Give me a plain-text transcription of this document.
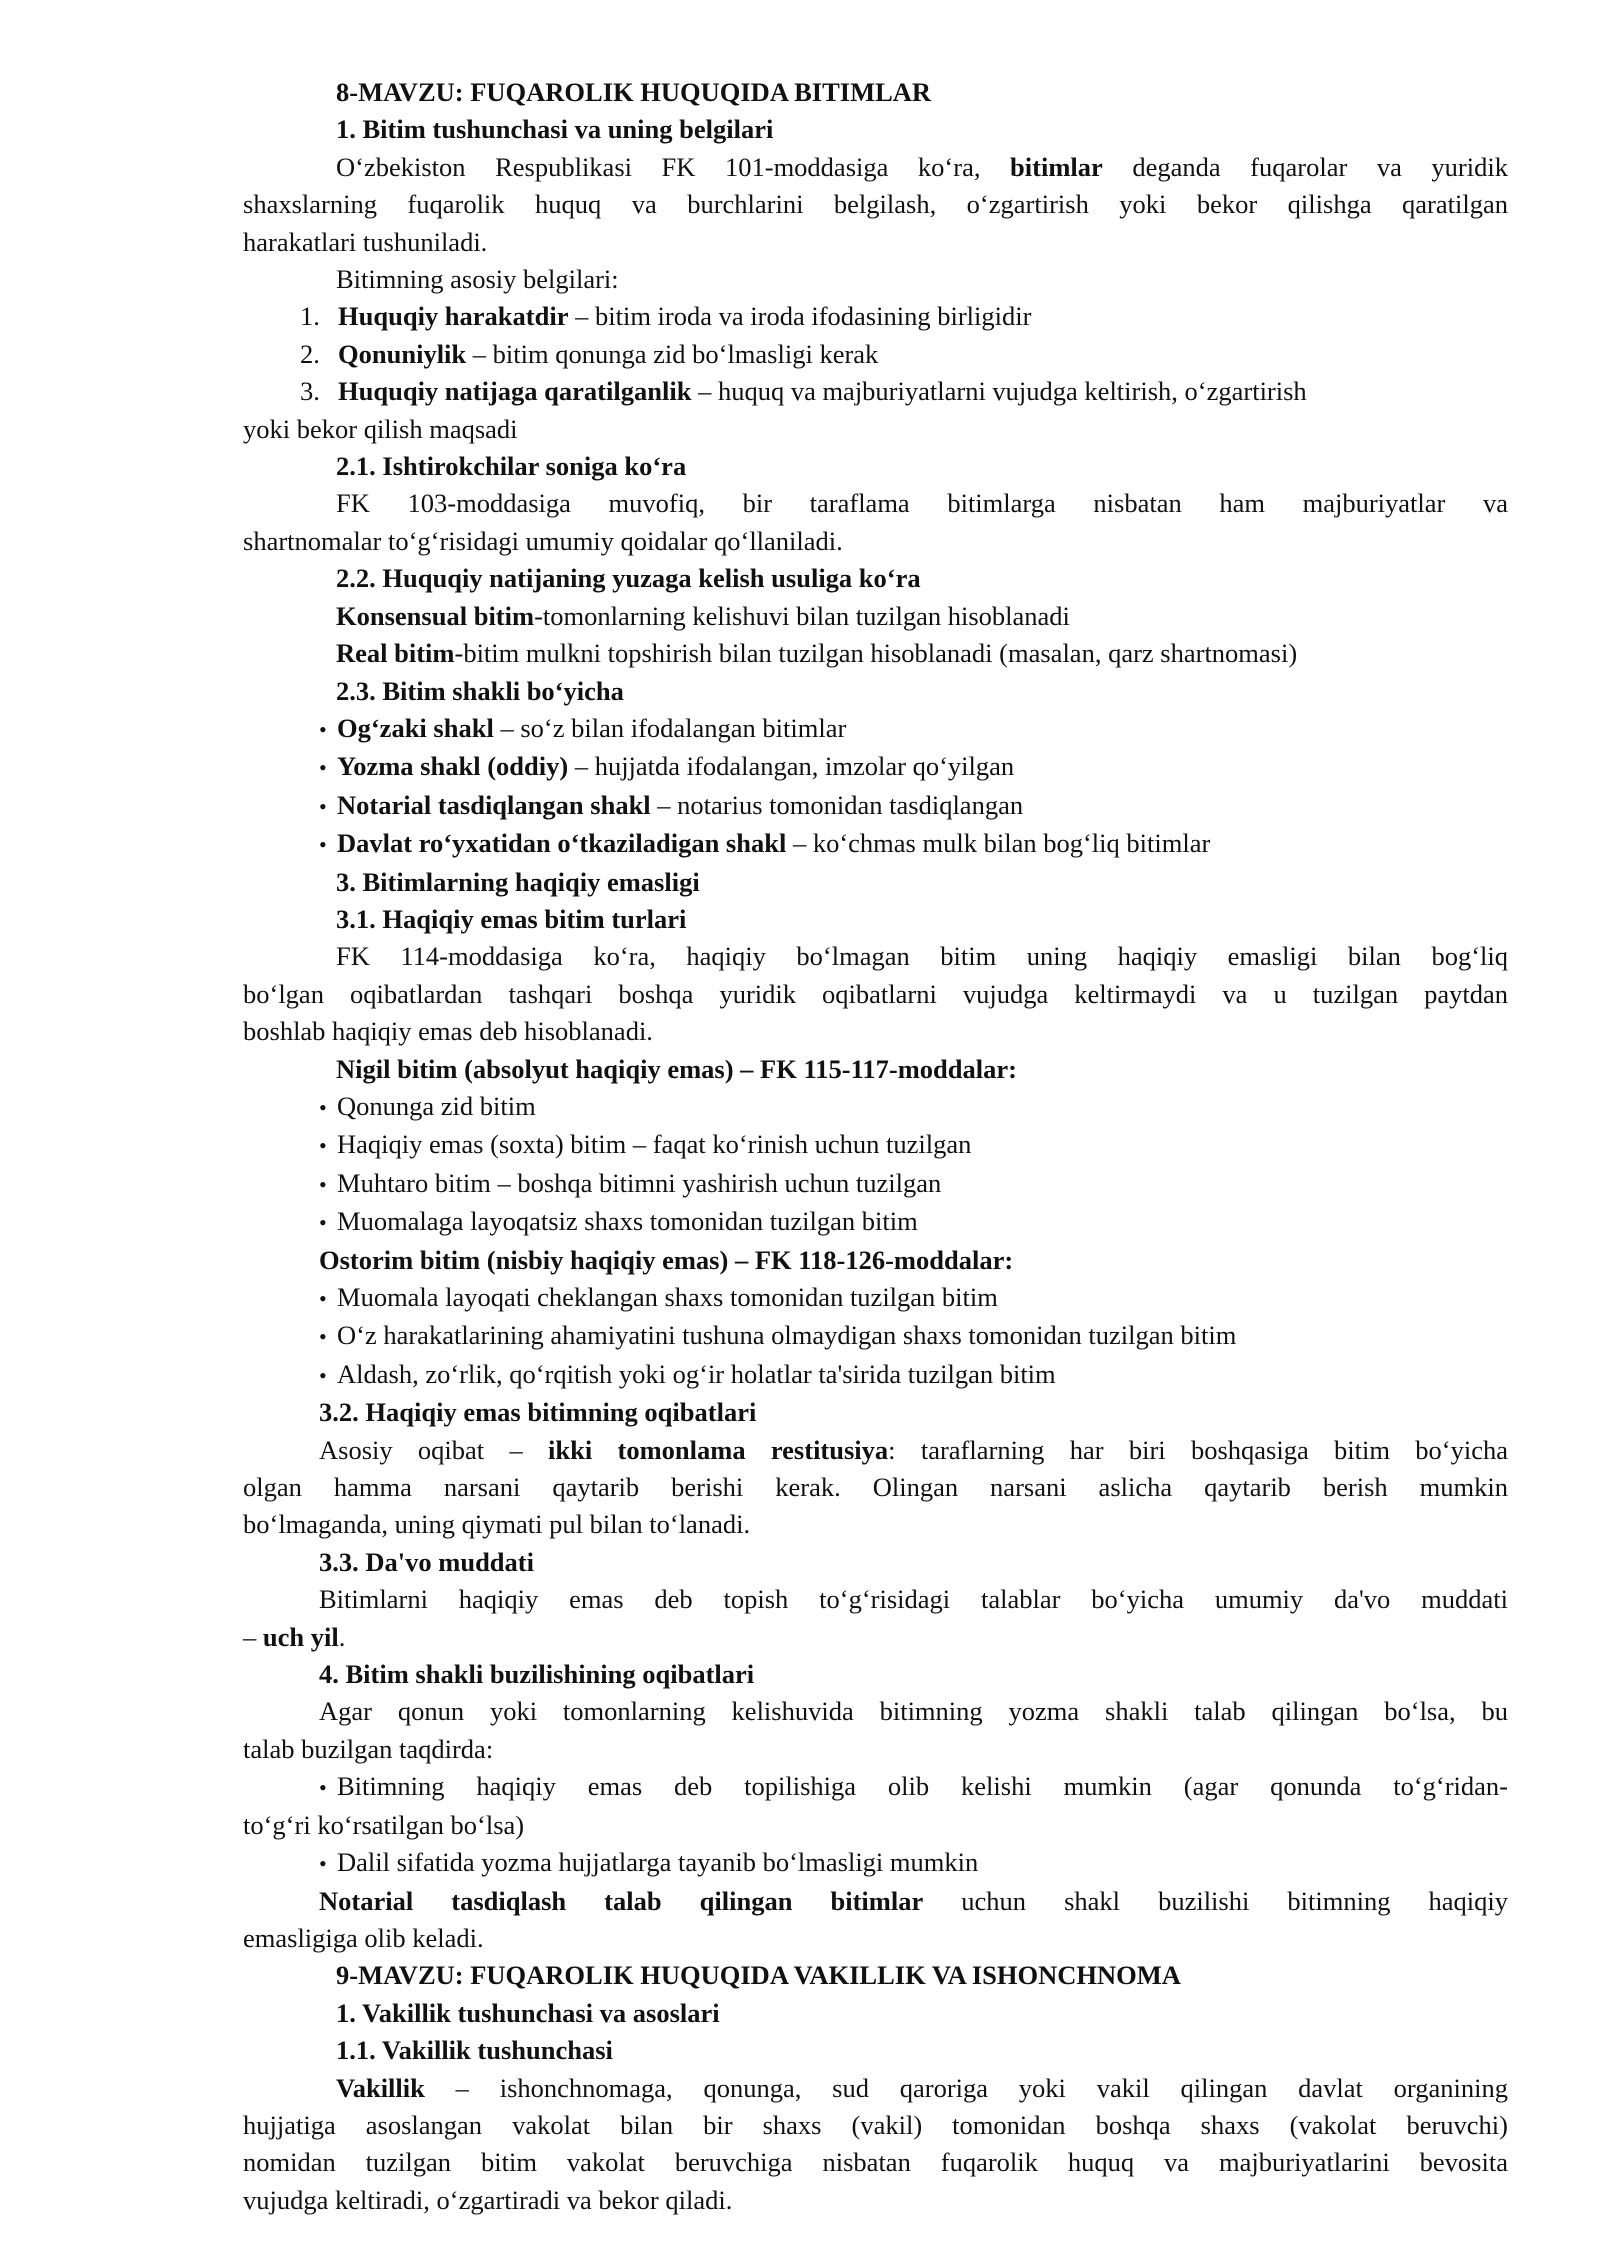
8-MAVZU: FUQAROLIK HUQUQIDA BITIMLAR
1. Bitim tushunchasi va uning belgilari
O‘zbekiston Respublikasi FK 101-moddasiga ko‘ra, bitimlar deganda fuqarolar va yuridik
shaxslarning fuqarolik huquq va burchlarini belgilash, o‘zgartirish yoki bekor qilishga qaratilgan
harakatlari tushuniladi.
Bitimning asosiy belgilari:
1. Huquqiy harakatdir – bitim iroda va iroda ifodasining birligidir
2. Qonuniylik – bitim qonunga zid bo‘lmasligi kerak
3. Huquqiy natijaga qaratilganlik – huquq va majburiyatlarni vujudga keltirish, o‘zgartirish
yoki bekor qilish maqsadi
2.1. Ishtirokchilar soniga ko‘ra
FK 103-moddasiga muvofiq, bir taraflama bitimlarga nisbatan ham majburiyatlar va
shartnomalar to‘g‘risidagi umumiy qoidalar qo‘llaniladi.
2.2. Huquqiy natijaning yuzaga kelish usuliga ko‘ra
Konsensual bitim-tomonlarning kelishuvi bilan tuzilgan hisoblanadi
Real bitim-bitim mulkni topshirish bilan tuzilgan hisoblanadi (masalan, qarz shartnomasi)
2.3. Bitim shakli bo‘yicha
• Og‘zaki shakl – so‘z bilan ifodalangan bitimlar
• Yozma shakl (oddiy) – hujjatda ifodalangan, imzolar qo‘yilgan
• Notarial tasdiqlangan shakl – notarius tomonidan tasdiqlangan
• Davlat ro‘yxatidan o‘tkaziladigan shakl – ko‘chmas mulk bilan bog‘liq bitimlar
3. Bitimlarning haqiqiy emasligi
3.1. Haqiqiy emas bitim turlari
FK 114-moddasiga ko‘ra, haqiqiy bo‘lmagan bitim uning haqiqiy emasligi bilan bog‘liq
bo‘lgan oqibatlardan tashqari boshqa yuridik oqibatlarni vujudga keltirmaydi va u tuzilgan paytdan
boshlab haqiqiy emas deb hisoblanadi.
Nigil bitim (absolyut haqiqiy emas) – FK 115-117-moddalar:
• Qonunga zid bitim
• Haqiqiy emas (soxta) bitim – faqat ko‘rinish uchun tuzilgan
• Muhtaro bitim – boshqa bitimni yashirish uchun tuzilgan
• Muomalaga layoqatsiz shaxs tomonidan tuzilgan bitim
Ostorim bitim (nisbiy haqiqiy emas) – FK 118-126-moddalar:
• Muomala layoqati cheklangan shaxs tomonidan tuzilgan bitim
• O‘z harakatlarining ahamiyatini tushuna olmaydigan shaxs tomonidan tuzilgan bitim
• Aldash, zo‘rlik, qo‘rqitish yoki og‘ir holatlar ta'sirida tuzilgan bitim
3.2. Haqiqiy emas bitimning oqibatlari
Asosiy oqibat – ikki tomonlama restitusiya: taraflarning har biri boshqasiga bitim bo‘yicha
olgan hamma narsani qaytarib berishi kerak. Olingan narsani aslicha qaytarib berish mumkin
bo‘lmaganda, uning qiymati pul bilan to‘lanadi.
3.3. Da'vo muddati
Bitimlarni haqiqiy emas deb topish to‘g‘risidagi talablar bo‘yicha umumiy da'vo muddati
– uch yil.
4. Bitim shakli buzilishining oqibatlari
Agar qonun yoki tomonlarning kelishuvida bitimning yozma shakli talab qilingan bo‘lsa, bu
talab buzilgan taqdirda:
• Bitimning haqiqiy emas deb topilishiga olib kelishi mumkin (agar qonunda to‘g‘ridan-
to‘g‘ri ko‘rsatilgan bo‘lsa)
• Dalil sifatida yozma hujjatlarga tayanib bo‘lmasligi mumkin
Notarial tasdiqlash talab qilingan bitimlar uchun shakl buzilishi bitimning haqiqiy
emasligiga olib keladi.
9-MAVZU: FUQAROLIK HUQUQIDA VAKILLIK VA ISHONCHNOMA
1. Vakillik tushunchasi va asoslari
1.1. Vakillik tushunchasi
Vakillik – ishonchnomaga, qonunga, sud qaroriga yoki vakil qilingan davlat organining
hujjatiga asoslangan vakolat bilan bir shaxs (vakil) tomonidan boshqa shaxs (vakolat beruvchi)
nomidan tuzilgan bitim vakolat beruvchiga nisbatan fuqarolik huquq va majburiyatlarini bevosita
vujudga keltiradi, o‘zgartiradi va bekor qiladi.
